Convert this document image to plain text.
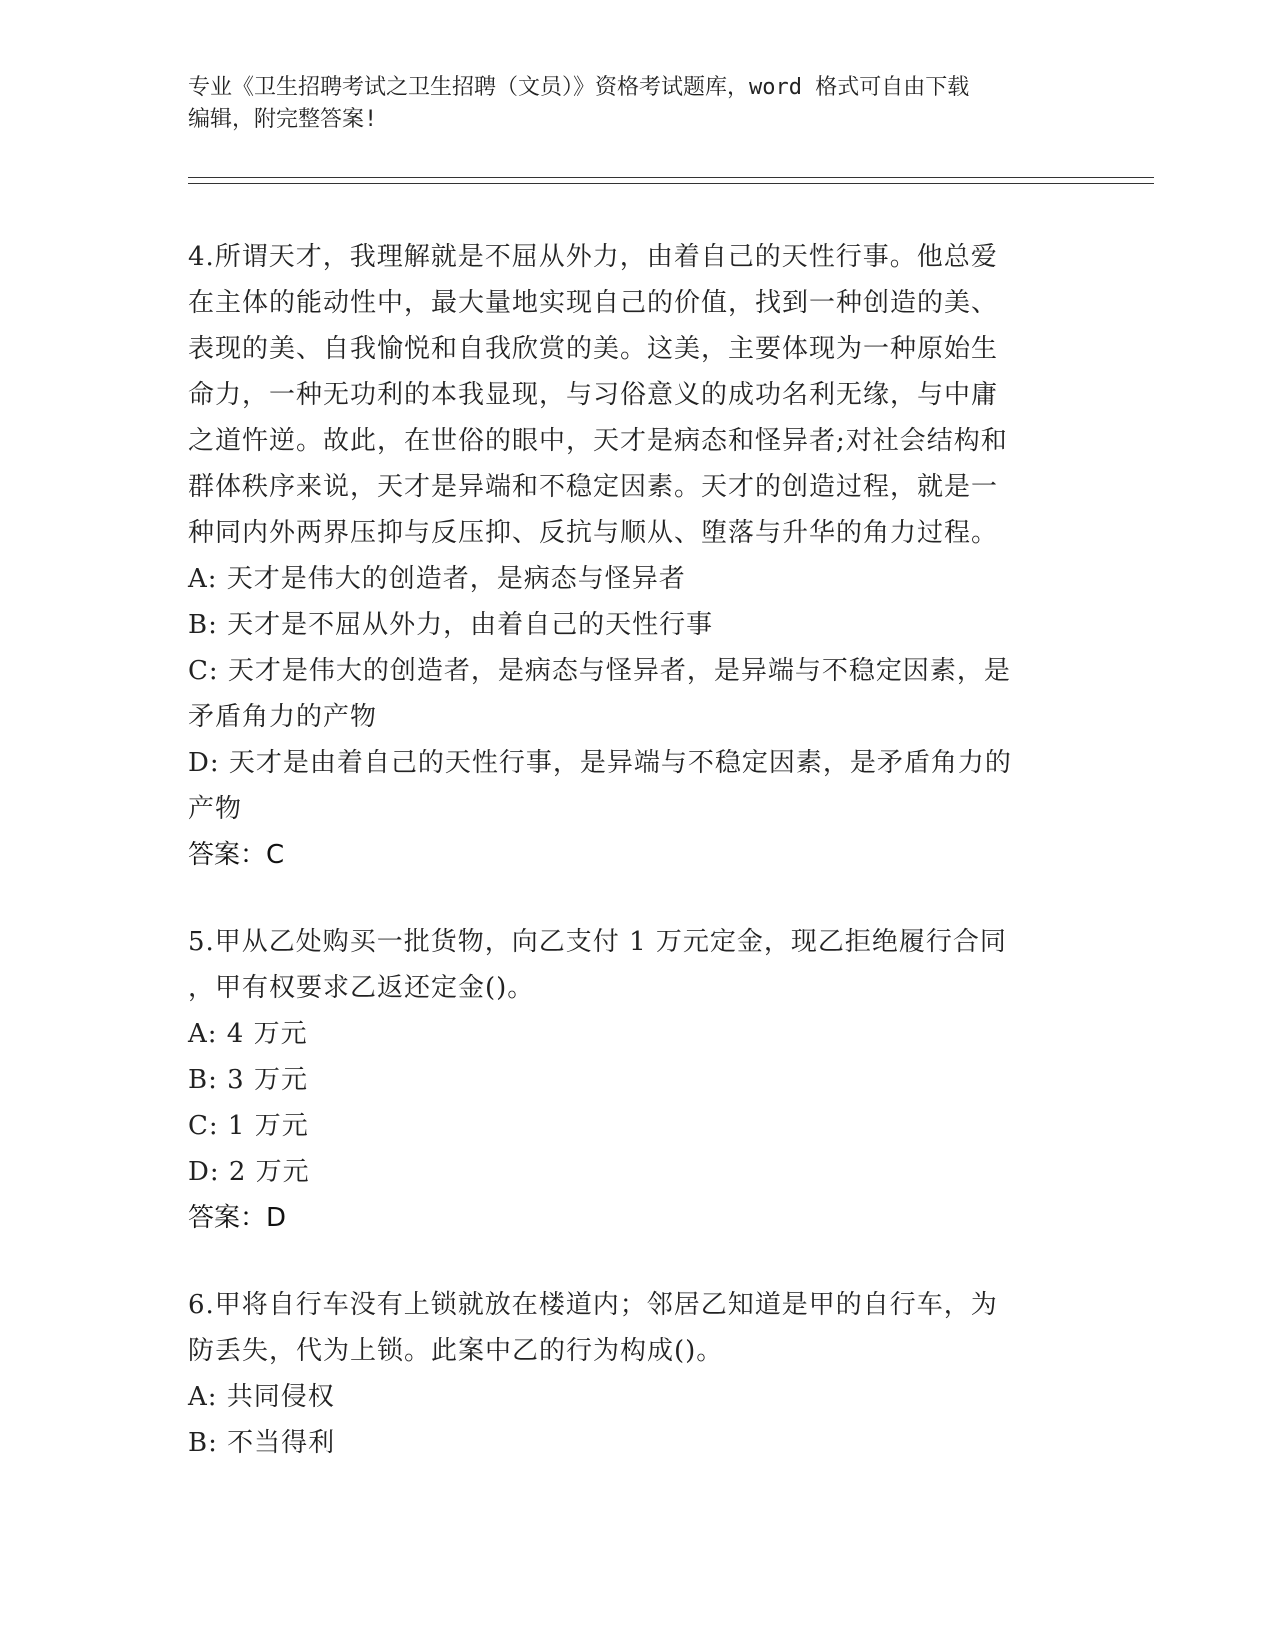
专业《卫生招聘考试之卫生招聘（文员）》资格考试题库，word 格式可自由下载
编辑，附完整答案!
4.所谓天才，我理解就是不屈从外力，由着自己的天性行事。他总爱
在主体的能动性中，最大量地实现自己的价值，找到一种创造的美、
表现的美、自我愉悦和自我欣赏的美。这美，主要体现为一种原始生
命力，一种无功利的本我显现，与习俗意义的成功名利无缘，与中庸
之道忤逆。故此，在世俗的眼中，天才是病态和怪异者;对社会结构和
群体秩序来说，天才是异端和不稳定因素。天才的创造过程，就是一
种同内外两界压抑与反压抑、反抗与顺从、堕落与升华的角力过程。
A: 天才是伟大的创造者，是病态与怪异者
B: 天才是不屈从外力，由着自己的天性行事
C: 天才是伟大的创造者，是病态与怪异者，是异端与不稳定因素，是
矛盾角力的产物
D: 天才是由着自己的天性行事，是异端与不稳定因素，是矛盾角力的
产物
答案：C
5.甲从乙处购买一批货物，向乙支付 1 万元定金，现乙拒绝履行合同
，甲有权要求乙返还定金()。
A: 4 万元
B: 3 万元
C: 1 万元
D: 2 万元
答案：D
6.甲将自行车没有上锁就放在楼道内；邻居乙知道是甲的自行车，为
防丢失，代为上锁。此案中乙的行为构成()。
A: 共同侵权
B: 不当得利
